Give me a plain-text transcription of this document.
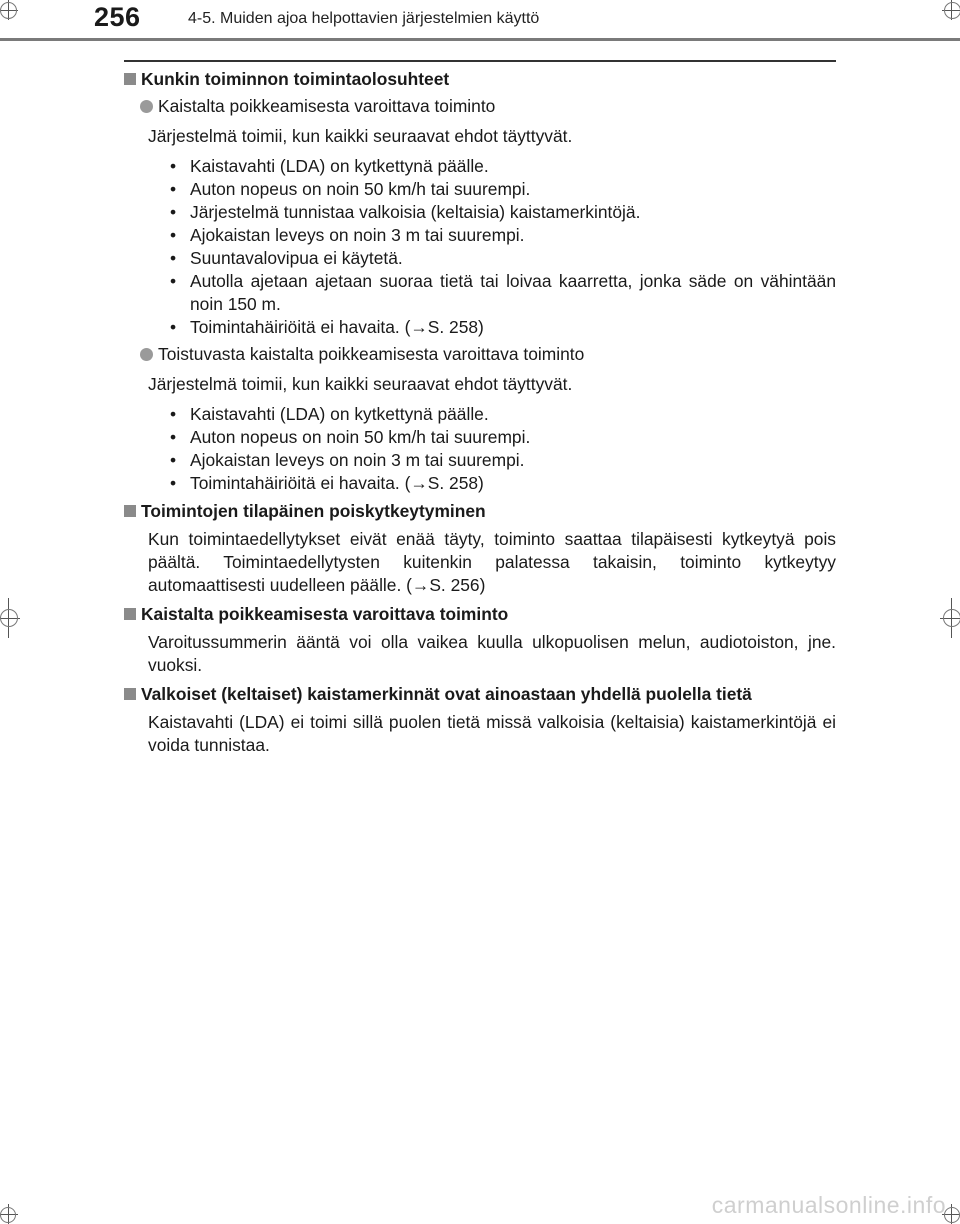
256	4-5. Muiden ajoa helpottavien järjestelmien käyttö
Kunkin toiminnon toimintaolosuhteet
Kaistalta poikkeamisesta varoittava toiminto
Järjestelmä toimii, kun kaikki seuraavat ehdot täyttyvät.
• Kaistavahti (LDA) on kytkettynä päälle.
• Auton nopeus on noin 50 km/h tai suurempi.
• Järjestelmä tunnistaa valkoisia (keltaisia) kaistamerkintöjä.
• Ajokaistan leveys on noin 3 m tai suurempi.
• Suuntavalovipua ei käytetä.
• Autolla ajetaan ajetaan suoraa tietä tai loivaa kaarretta, jonka säde on vähintään noin 150 m.
• Toimintahäiriöitä ei havaita. (→S. 258)
Toistuvasta kaistalta poikkeamisesta varoittava toiminto
Järjestelmä toimii, kun kaikki seuraavat ehdot täyttyvät.
• Kaistavahti (LDA) on kytkettynä päälle.
• Auton nopeus on noin 50 km/h tai suurempi.
• Ajokaistan leveys on noin 3 m tai suurempi.
• Toimintahäiriöitä ei havaita. (→S. 258)
Toimintojen tilapäinen poiskytkeytyminen
Kun toimintaedellytykset eivät enää täyty, toiminto saattaa tilapäisesti kytkeytyä pois päältä. Toimintaedellytysten kuitenkin palatessa takaisin, toiminto kytkeytyy automaattisesti uudelleen päälle. (→S. 256)
Kaistalta poikkeamisesta varoittava toiminto
Varoitussummerin ääntä voi olla vaikea kuulla ulkopuolisen melun, audiotoiston, jne. vuoksi.
Valkoiset (keltaiset) kaistamerkinnät ovat ainoastaan yhdellä puolella tietä
Kaistavahti (LDA) ei toimi sillä puolen tietä missä valkoisia (keltaisia) kaistamerkintöjä ei voida tunnistaa.
carmanualsonline.info
